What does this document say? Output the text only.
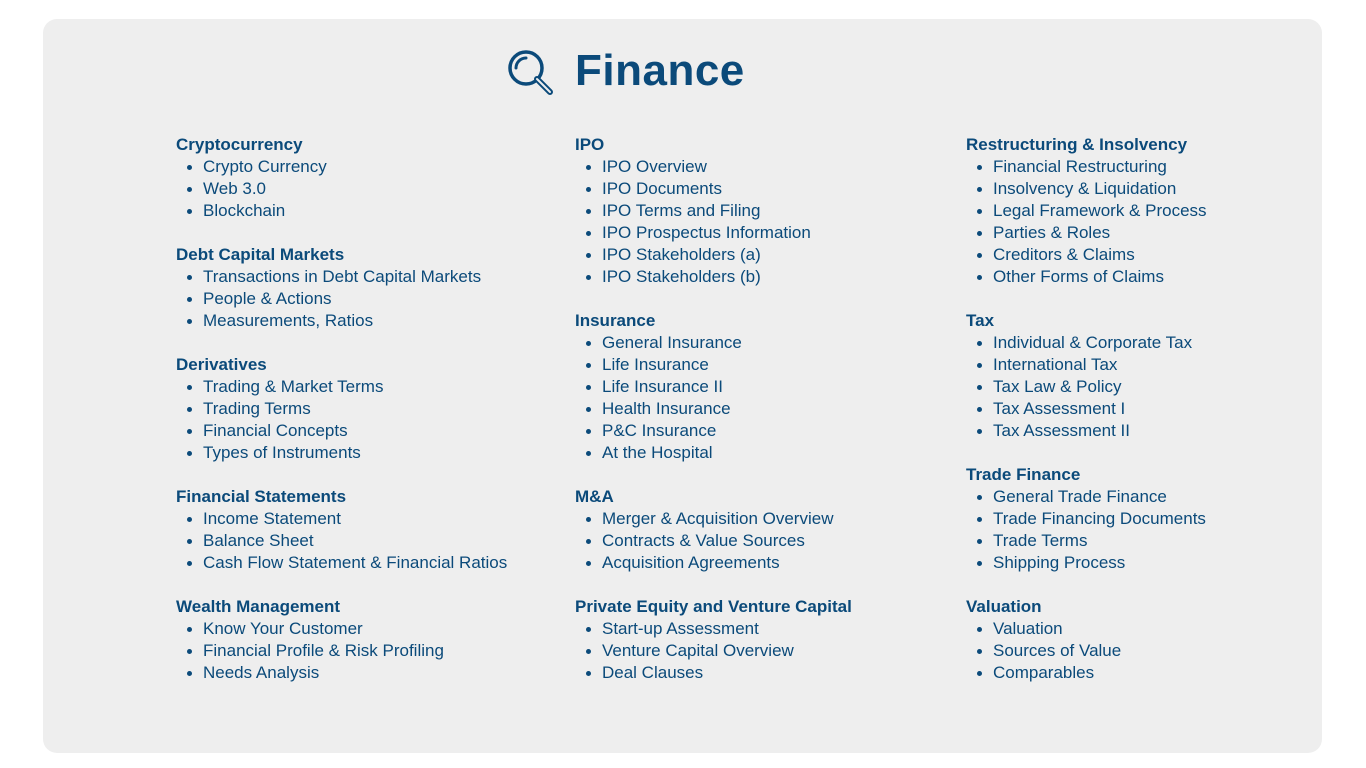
Finance
Cryptocurrency
Crypto Currency
Web 3.0
Blockchain
Debt Capital Markets
Transactions in Debt Capital Markets
People & Actions
Measurements, Ratios
Derivatives
Trading & Market Terms
Trading Terms
Financial Concepts
Types of Instruments
Financial Statements
Income Statement
Balance Sheet
Cash Flow Statement & Financial Ratios
Wealth Management
Know Your Customer
Financial Profile & Risk Profiling
Needs Analysis
IPO
IPO Overview
IPO Documents
IPO Terms and Filing
IPO Prospectus Information
IPO Stakeholders (a)
IPO Stakeholders (b)
Insurance
General Insurance
Life Insurance
Life Insurance II
Health Insurance
P&C Insurance
At the Hospital
M&A
Merger & Acquisition Overview
Contracts & Value Sources
Acquisition Agreements
Private Equity and Venture Capital
Start-up Assessment
Venture Capital Overview
Deal Clauses
Restructuring & Insolvency
Financial Restructuring
Insolvency & Liquidation
Legal Framework & Process
Parties & Roles
Creditors & Claims
Other Forms of Claims
Tax
Individual & Corporate Tax
International Tax
Tax Law & Policy
Tax Assessment I
Tax Assessment II
Trade Finance
General Trade Finance
Trade Financing Documents
Trade Terms
Shipping Process
Valuation
Valuation
Sources of Value
Comparables
